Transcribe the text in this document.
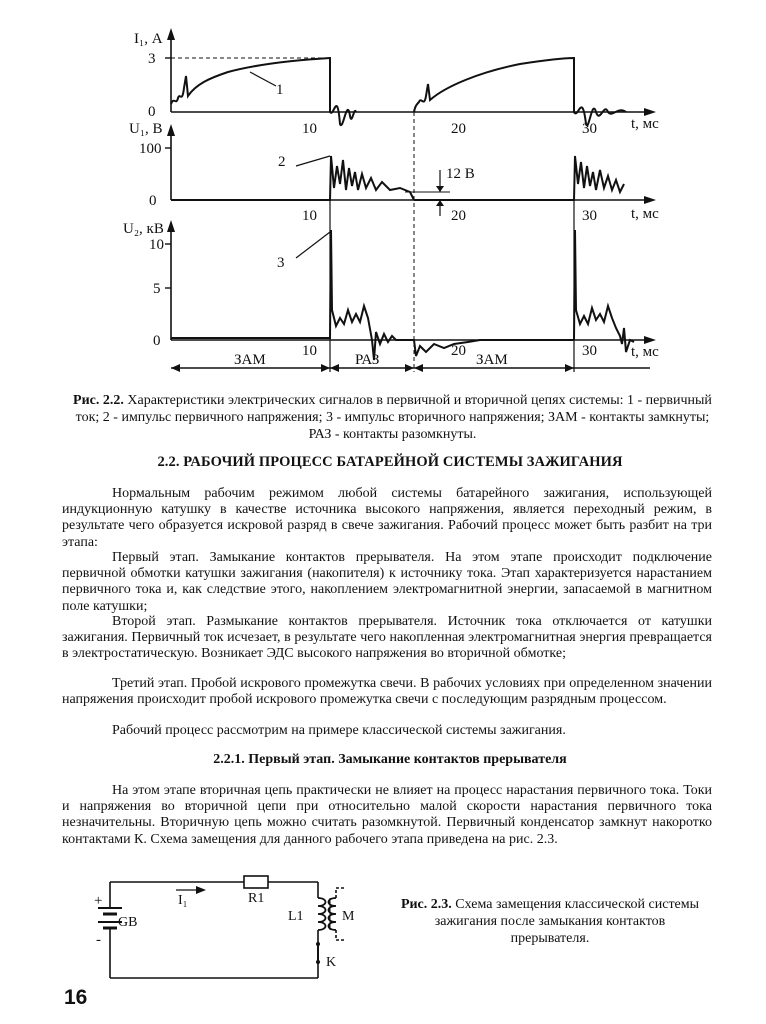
I₁, А
U₁, В
U₂, кВ
3
0
1
10	20	30 t, мс
100
0
2
12 В
10	20	30 t, мс
10
5
0
3
10	20	30 t, мс
ЗАМ	РАЗ	ЗАМ
Рис. 2.2. Характеристики электрических сигналов в первичной и вторичной цепях системы: 1 - первичный ток; 2 - импульс первичного напряжения; 3 - импульс вторичного напряжения; ЗАМ - контакты замкнуты; РАЗ - контакты разомкнуты.
2.2. РАБОЧИЙ ПРОЦЕСС БАТАРЕЙНОЙ СИСТЕМЫ ЗАЖИГАНИЯ

Нормальным рабочим режимом любой системы батарейного зажигания, использующей индукционную катушку в качестве источника высокого напряжения, является переходный режим, в результате чего образуется искровой разряд в свече зажигания. Рабочий процесс может быть разбит на три этапа:

Первый этап. Замыкание контактов прерывателя. На этом этапе происходит подключение первичной обмотки катушки зажигания (накопителя) к источнику тока. Этап характеризуется нарастанием первичного тока и, как следствие этого, накоплением электромагнитной энергии, запасаемой в магнитном поле катушки;

Второй этап. Размыкание контактов прерывателя. Источник тока отключается от катушки зажигания. Первичный ток исчезает, в результате чего накопленная электромагнитная энергия превращается в электростатическую. Возникает ЭДС высокого напряжения во вторичной обмотке;

Третий этап. Пробой искрового промежутка свечи. В рабочих условиях при определенном значении напряжения происходит пробой искрового промежутка свечи с последующим разрядным процессом.

Рабочий процесс рассмотрим на примере классической системы зажигания.

2.2.1. Первый этап. Замыкание контактов прерывателя

На этом этапе вторичная цепь практически не влияет на процесс нарастания первичного тока. Токи и напряжения во вторичной цепи при относительно малой скорости нарастания первичного тока незначительны. Вторичную цепь можно считать разомкнутой. Первичный конденсатор замкнут накоротко контактами К. Схема замещения для данного рабочего этапа приведена на рис. 2.3.

+
-
GB
I₁	R1
L1	M
K
Рис. 2.3. Схема замещения классической системы зажигания после замыкания контактов прерывателя.
16
